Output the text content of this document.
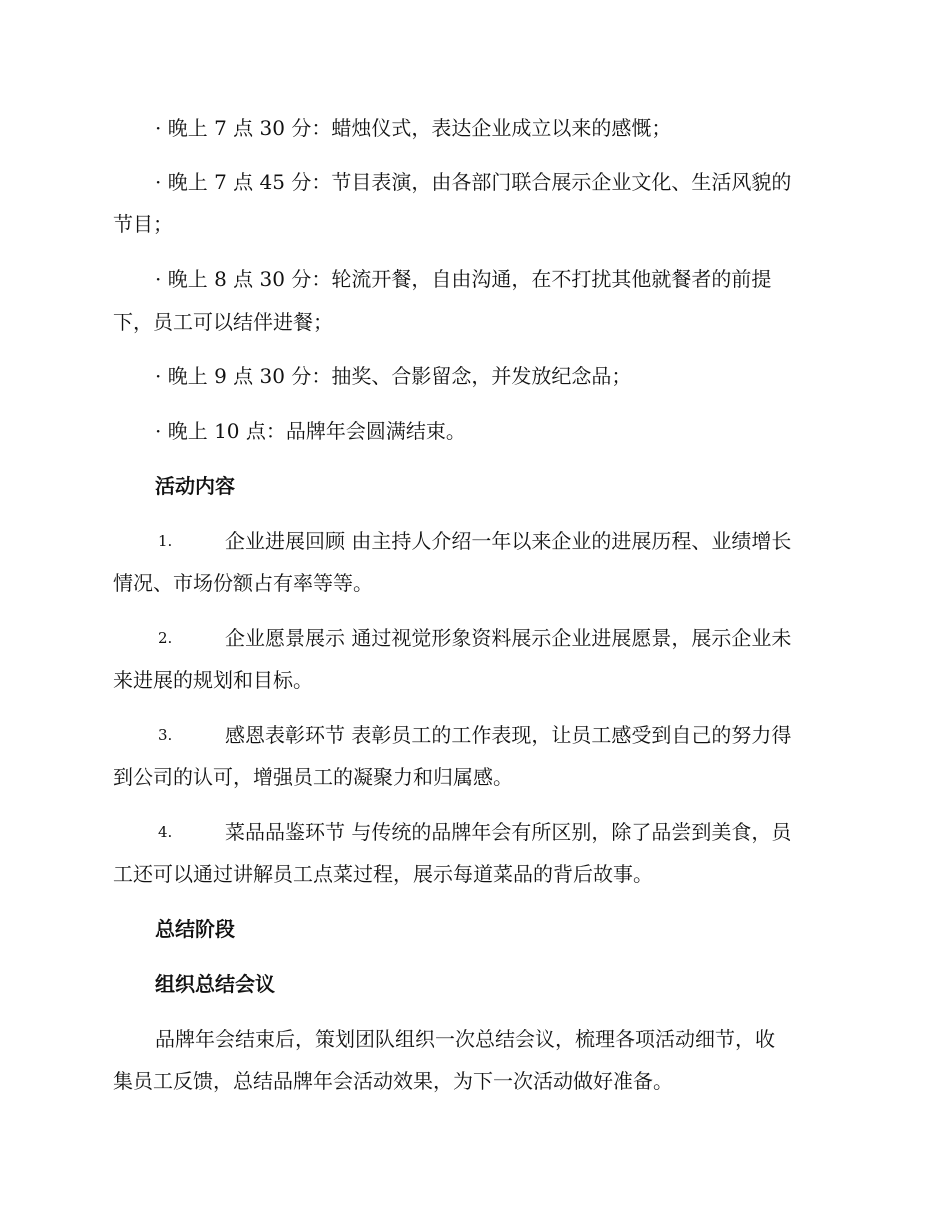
· 晚上 7 点 30 分：蜡烛仪式，表达企业成立以来的感慨；
· 晚上 7 点 45 分：节目表演，由各部门联合展示企业文化、生活风貌的
节目；
· 晚上 8 点 30 分：轮流开餐，自由沟通，在不打扰其他就餐者的前提
下，员工可以结伴进餐；
· 晚上 9 点 30 分：抽奖、合影留念，并发放纪念品；
· 晚上 10 点：品牌年会圆满结束。
活动内容
1.	企业进展回顾 由主持人介绍一年以来企业的进展历程、业绩增长
情况、市场份额占有率等等。
2.	企业愿景展示 通过视觉形象资料展示企业进展愿景，展示企业未
来进展的规划和目标。
3.	感恩表彰环节 表彰员工的工作表现，让员工感受到自己的努力得
到公司的认可，增强员工的凝聚力和归属感。
4.	菜品品鉴环节 与传统的品牌年会有所区别，除了品尝到美食，员
工还可以通过讲解员工点菜过程，展示每道菜品的背后故事。
总结阶段
组织总结会议
品牌年会结束后，策划团队组织一次总结会议，梳理各项活动细节，收
集员工反馈，总结品牌年会活动效果，为下一次活动做好准备。
